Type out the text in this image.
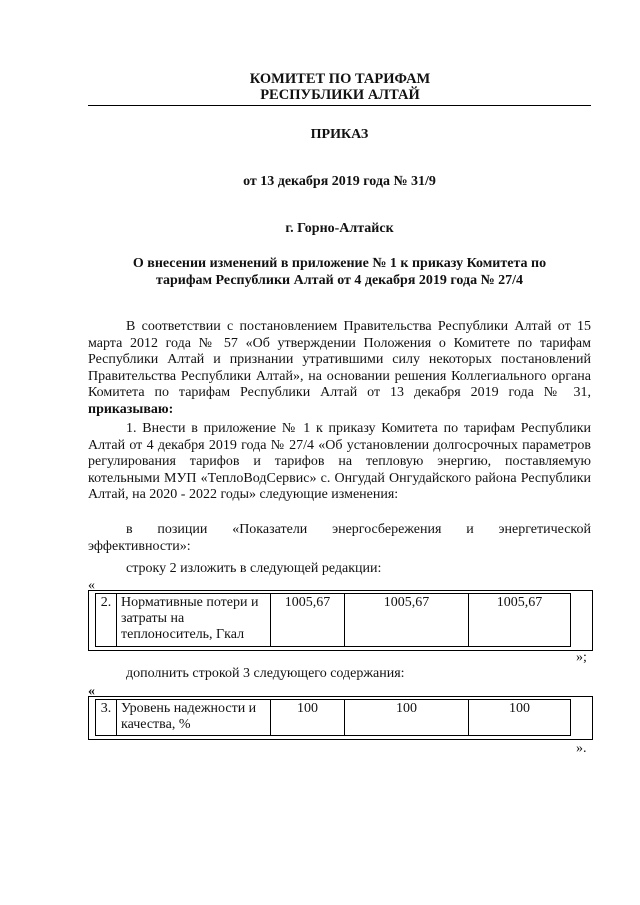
КОМИТЕТ ПО ТАРИФАМ
РЕСПУБЛИКИ АЛТАЙ
ПРИКАЗ
от 13 декабря 2019 года № 31/9
г. Горно-Алтайск
О внесении изменений в приложение № 1 к приказу Комитета по
тарифам Республики Алтай от 4 декабря 2019 года № 27/4
В соответствии с постановлением Правительства Республики Алтай от 15 марта 2012 года № 57 «Об утверждении Положения о Комитете по тарифам Республики Алтай и признании утратившими силу некоторых постановлений Правительства Республики Алтай», на основании решения Коллегиального органа Комитета по тарифам Республики Алтай от 13 декабря 2019 года № 31, приказываю:
1. Внести в приложение № 1 к приказу Комитета по тарифам Республики Алтай от 4 декабря 2019 года № 27/4 «Об установлении долгосрочных параметров регулирования тарифов и тарифов на тепловую энергию, поставляемую котельными МУП «ТеплоВодСервис» с. Онгудай Онгудайского района Республики Алтай, на 2020 - 2022 годы» следующие изменения:
в позиции «Показатели энергосбережения и энергетической эффективности»:
строку 2 изложить в следующей редакции:
«
2.	Нормативные потери и затраты на теплоноситель, Гкал	1005,67	1005,67	1005,67
»;
дополнить строкой 3 следующего содержания:
«
3.	Уровень надежности и качества, %	100	100	100
».
